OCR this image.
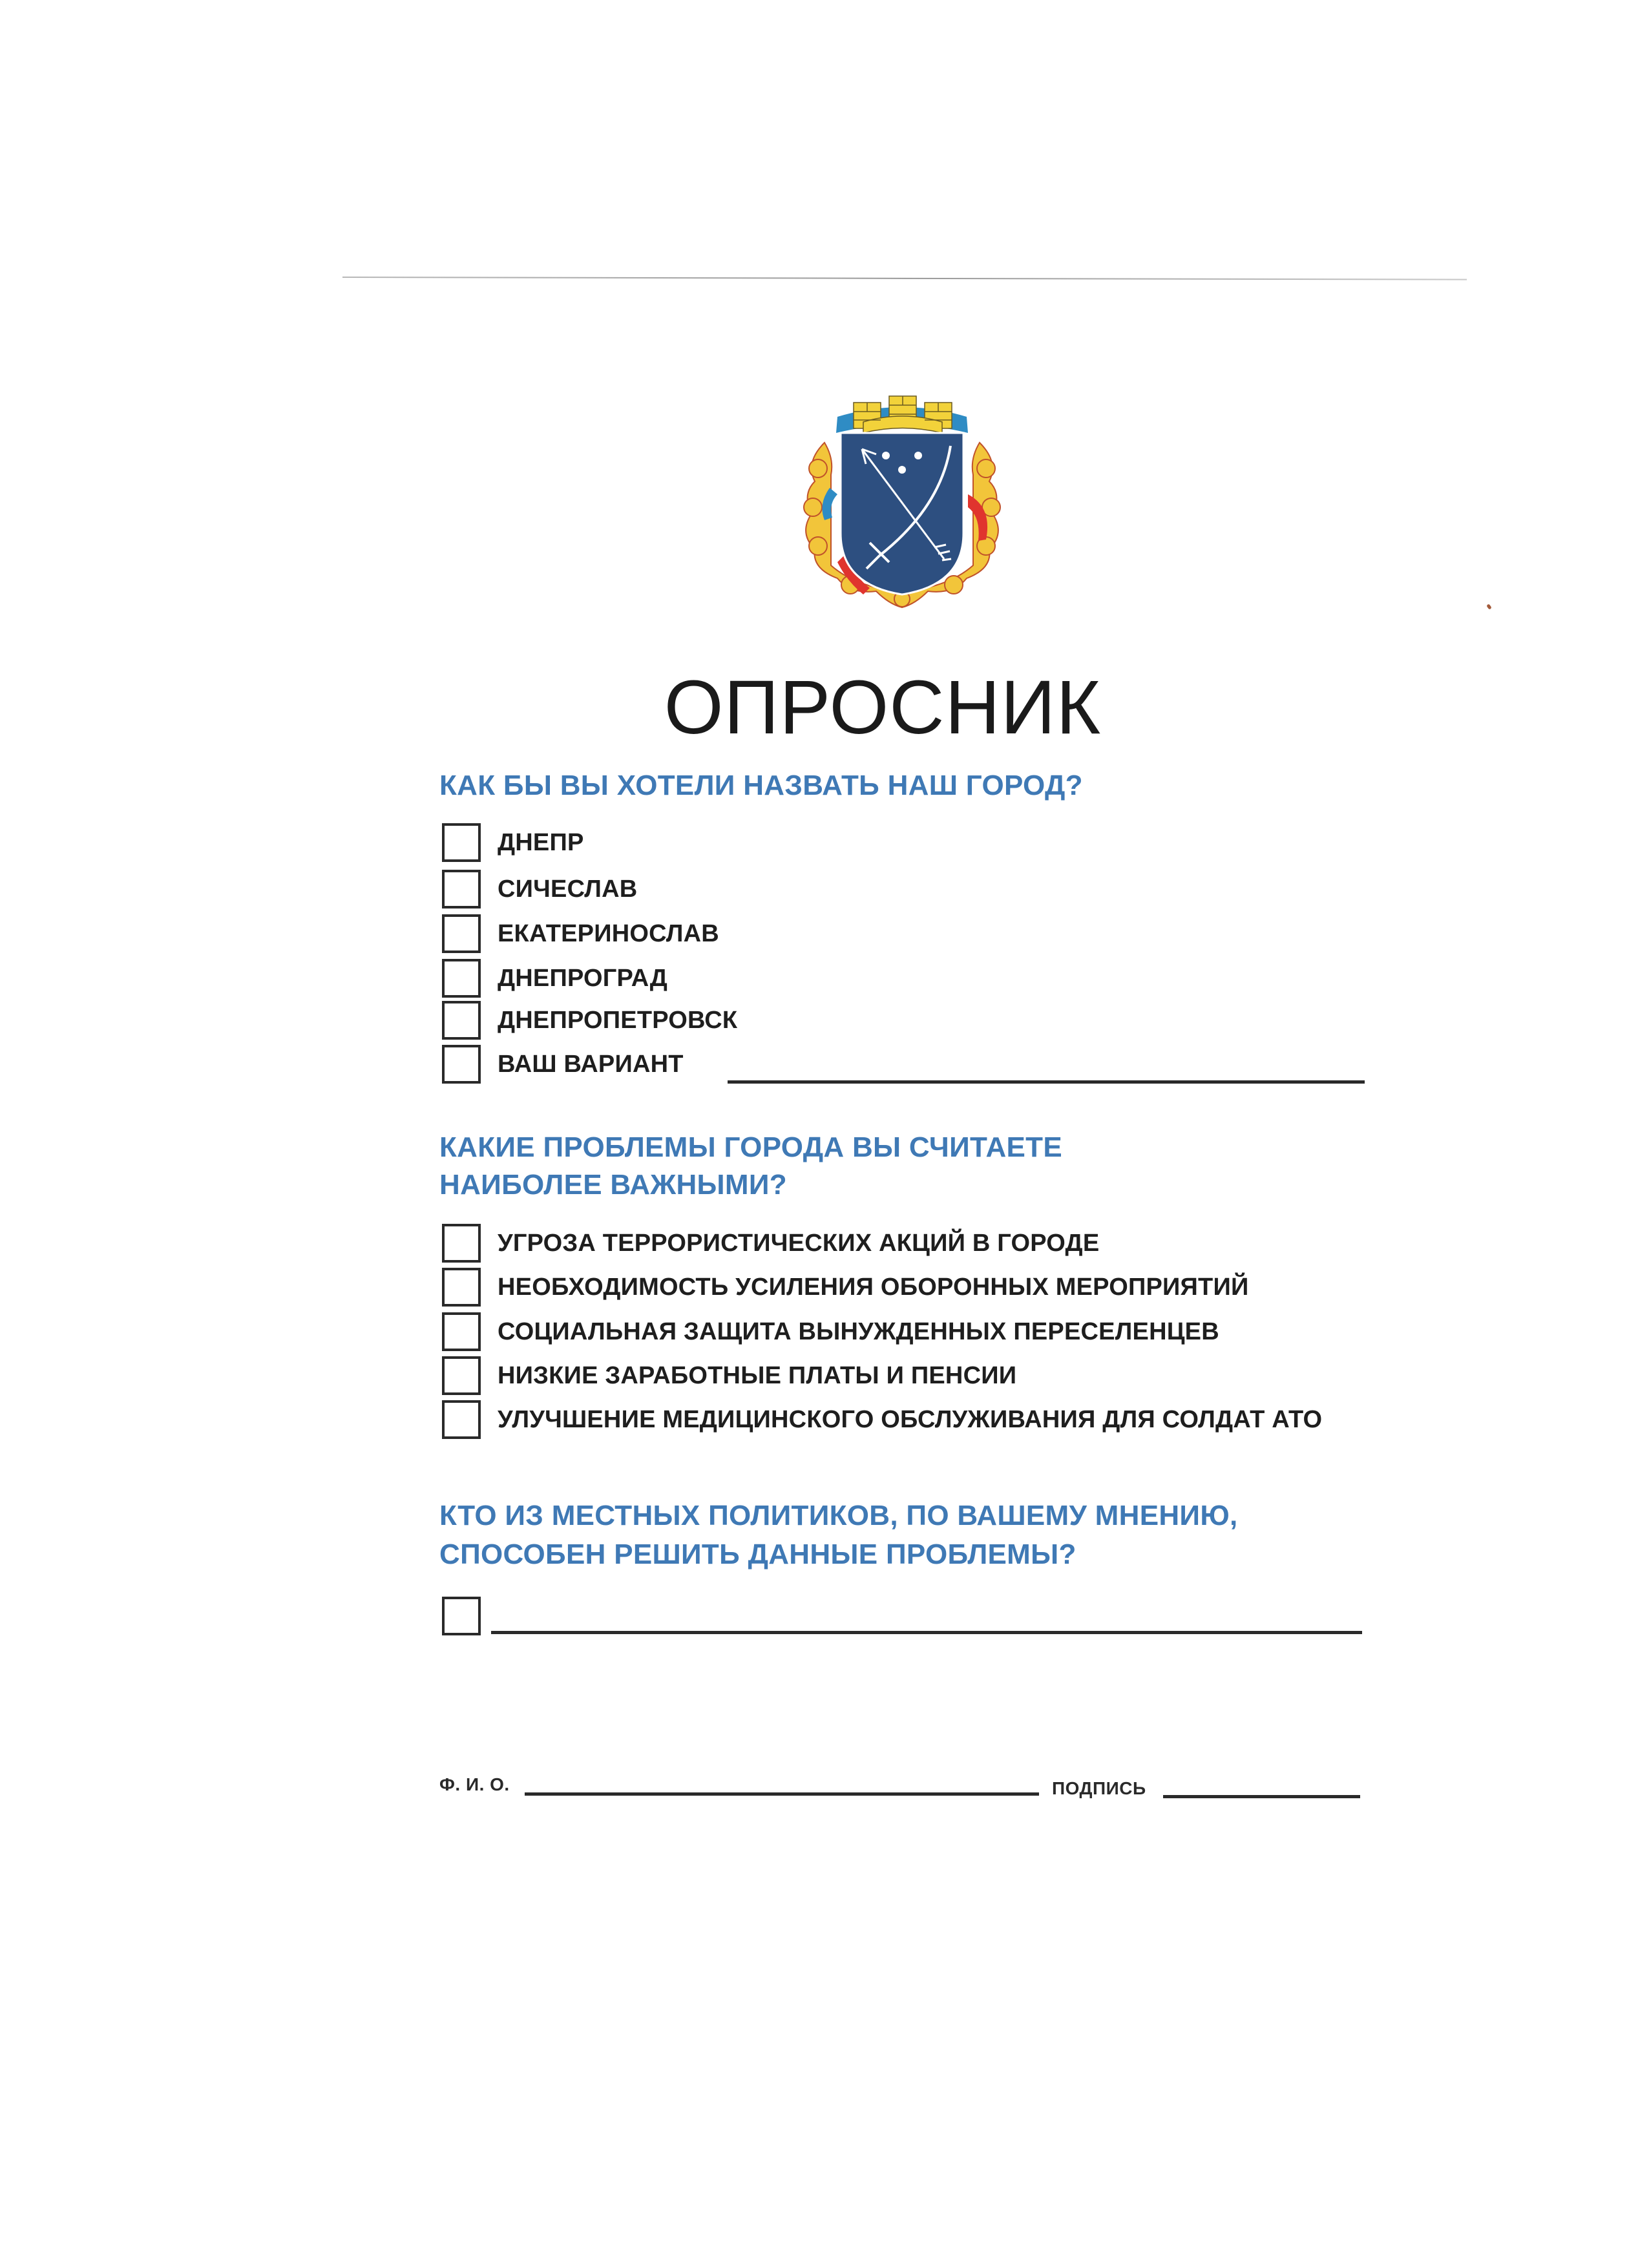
ОПРОСНИК
КАК БЫ ВЫ ХОТЕЛИ НАЗВАТЬ НАШ ГОРОД?
ДНЕПР
СИЧЕСЛАВ
ЕКАТЕРИНОСЛАВ
ДНЕПРОГРАД
ДНЕПРОПЕТРОВСК
ВАШ ВАРИАНТ
КАКИЕ ПРОБЛЕМЫ ГОРОДА ВЫ СЧИТАЕТЕ
НАИБОЛЕЕ ВАЖНЫМИ?
УГРОЗА ТЕРРОРИСТИЧЕСКИХ АКЦИЙ В ГОРОДЕ
НЕОБХОДИМОСТЬ УСИЛЕНИЯ ОБОРОННЫХ МЕРОПРИЯТИЙ
СОЦИАЛЬНАЯ ЗАЩИТА ВЫНУЖДЕННЫХ ПЕРЕСЕЛЕНЦЕВ
НИЗКИЕ ЗАРАБОТНЫЕ ПЛАТЫ И ПЕНСИИ
УЛУЧШЕНИЕ МЕДИЦИНСКОГО ОБСЛУЖИВАНИЯ ДЛЯ СОЛДАТ АТО
КТО ИЗ МЕСТНЫХ ПОЛИТИКОВ, ПО ВАШЕМУ МНЕНИЮ,
СПОСОБЕН РЕШИТЬ ДАННЫЕ ПРОБЛЕМЫ?
Ф. И. О.	ПОДПИСЬ
